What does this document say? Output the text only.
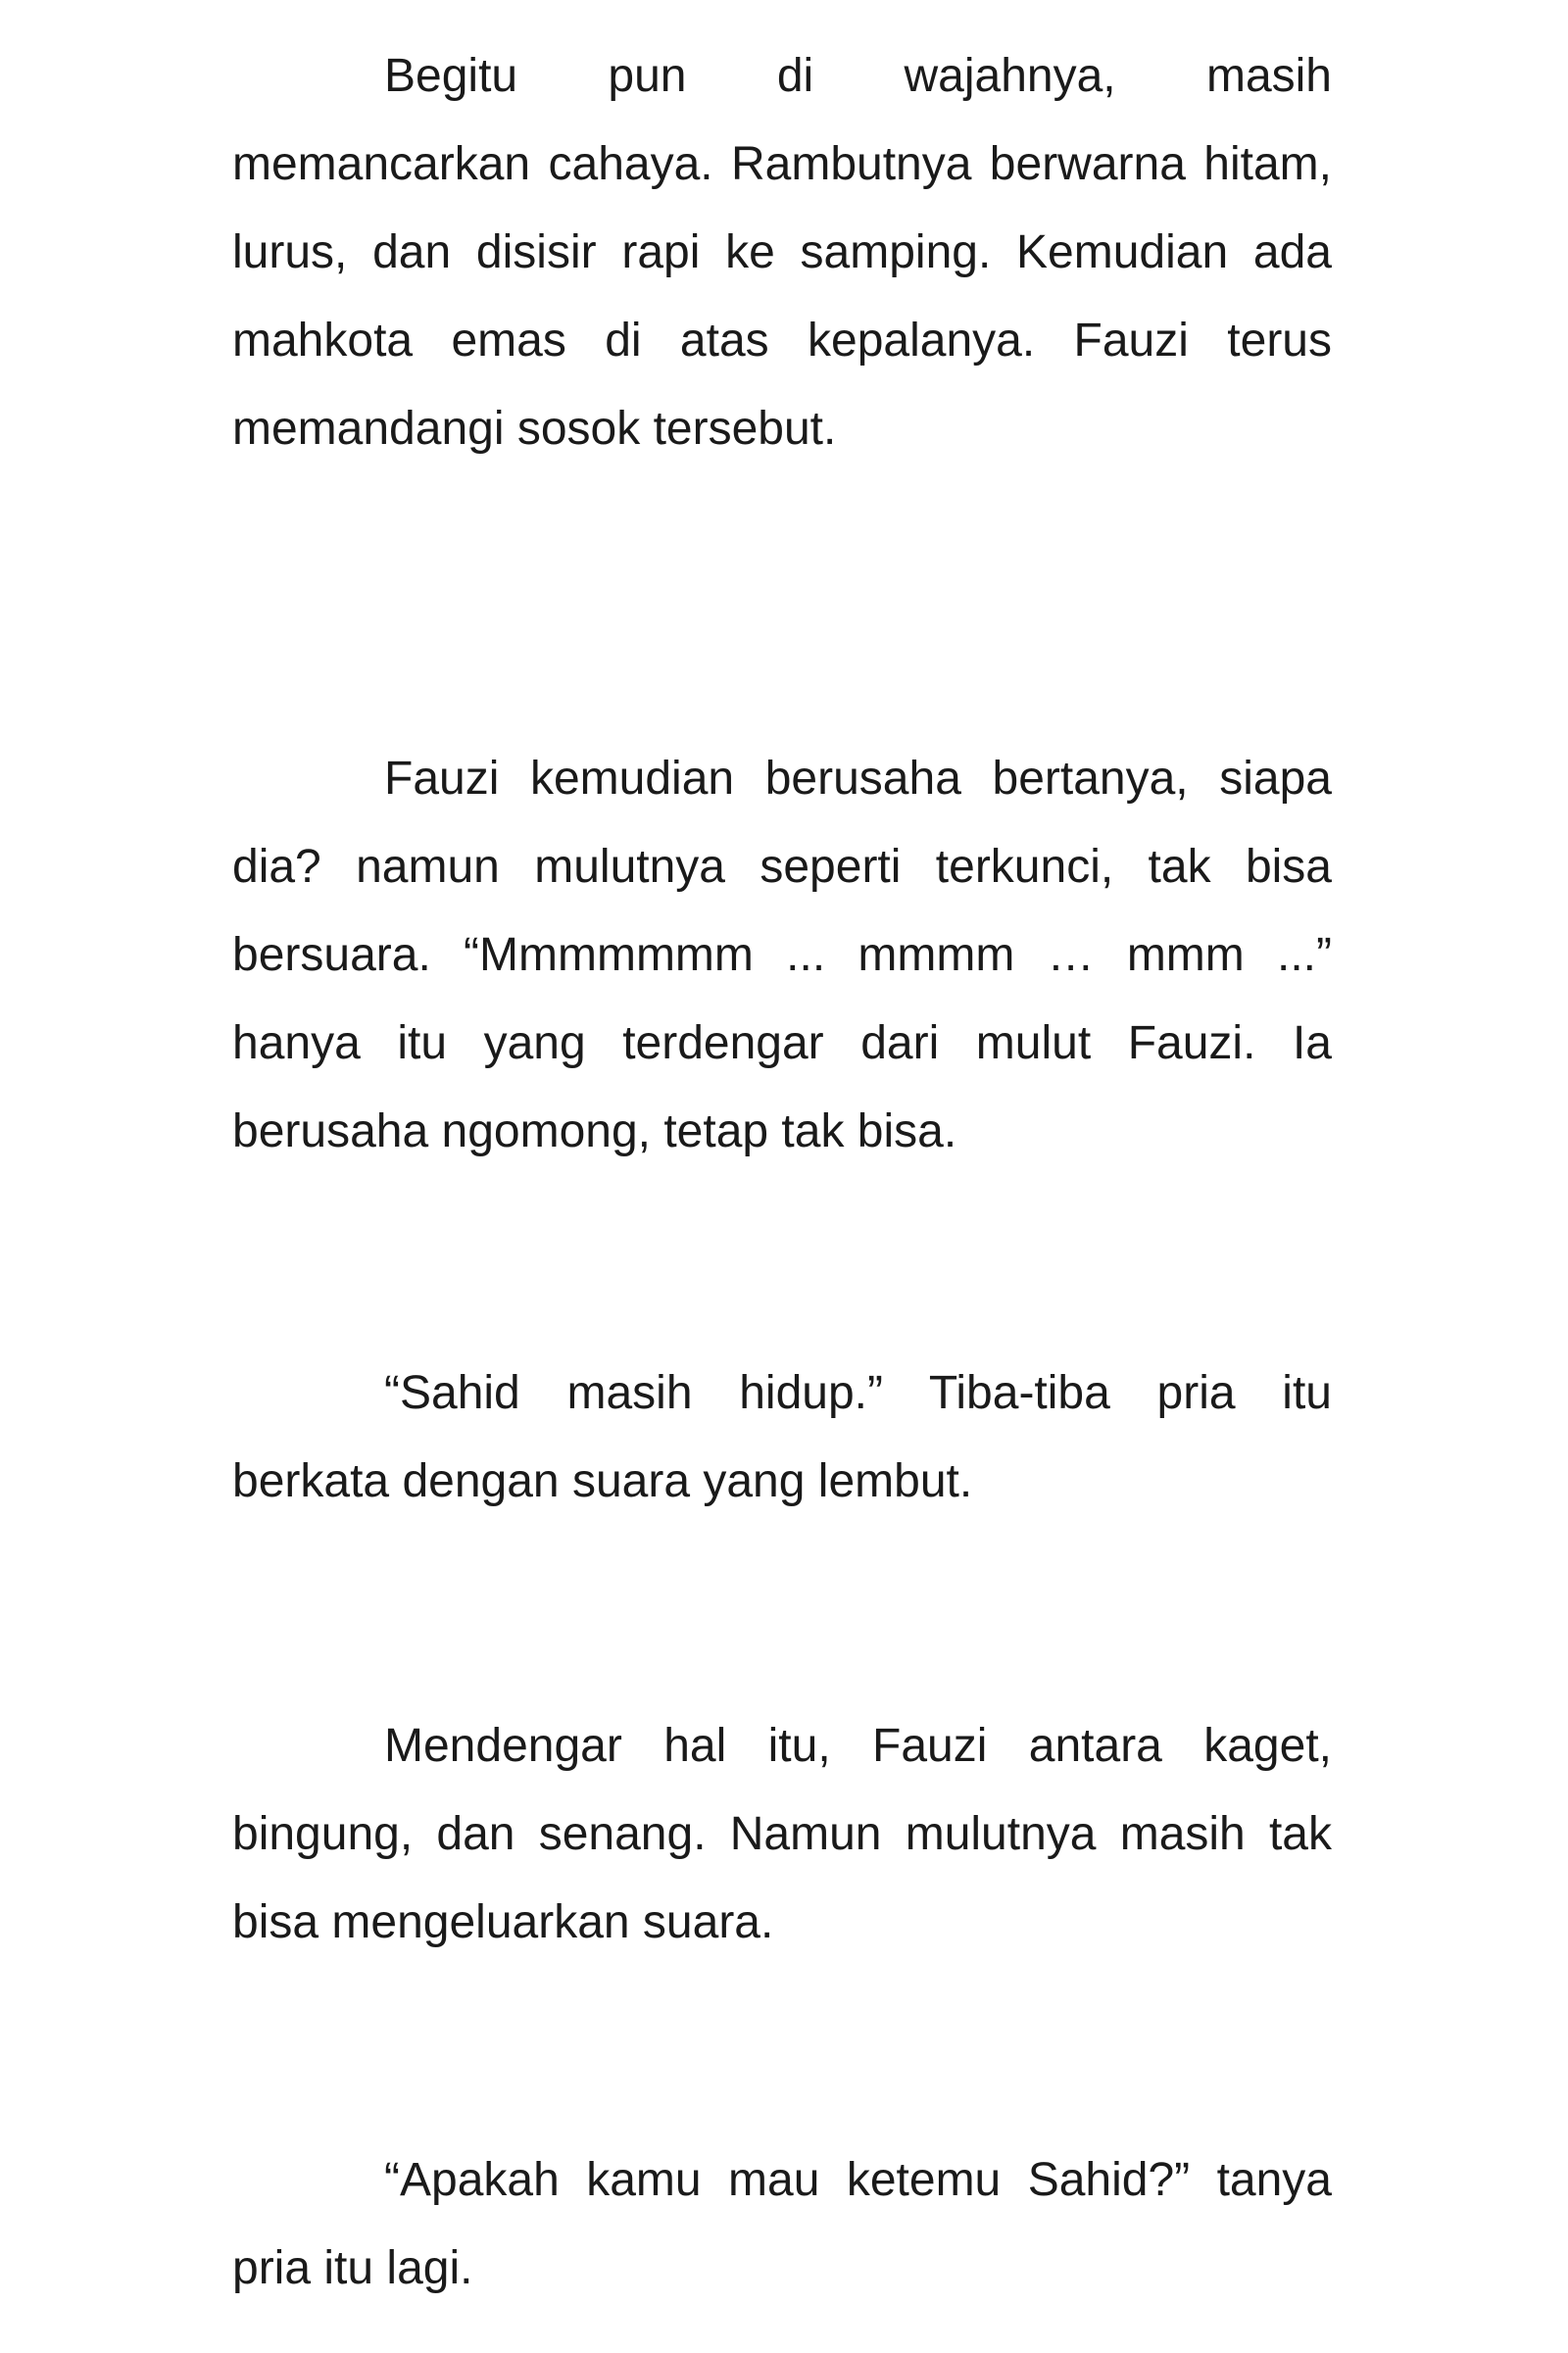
Begitu pun di wajahnya, masih memancarkan cahaya. Rambutnya berwarna hitam, lurus, dan disisir rapi ke samping. Kemudian ada mahkota emas di atas kepalanya. Fauzi terus memandangi sosok tersebut.

Fauzi kemudian berusaha bertanya, siapa dia? namun mulutnya seperti terkunci, tak bisa bersuara. “Mmmmmmm ... mmmm … mmm ...” hanya itu yang terdengar dari mulut Fauzi. Ia berusaha ngomong, tetap tak bisa.

“Sahid masih hidup.” Tiba-tiba pria itu berkata dengan suara yang lembut.

Mendengar hal itu, Fauzi antara kaget, bingung, dan senang. Namun mulutnya masih tak bisa mengeluarkan suara.

“Apakah kamu mau ketemu Sahid?” tanya pria itu lagi.
